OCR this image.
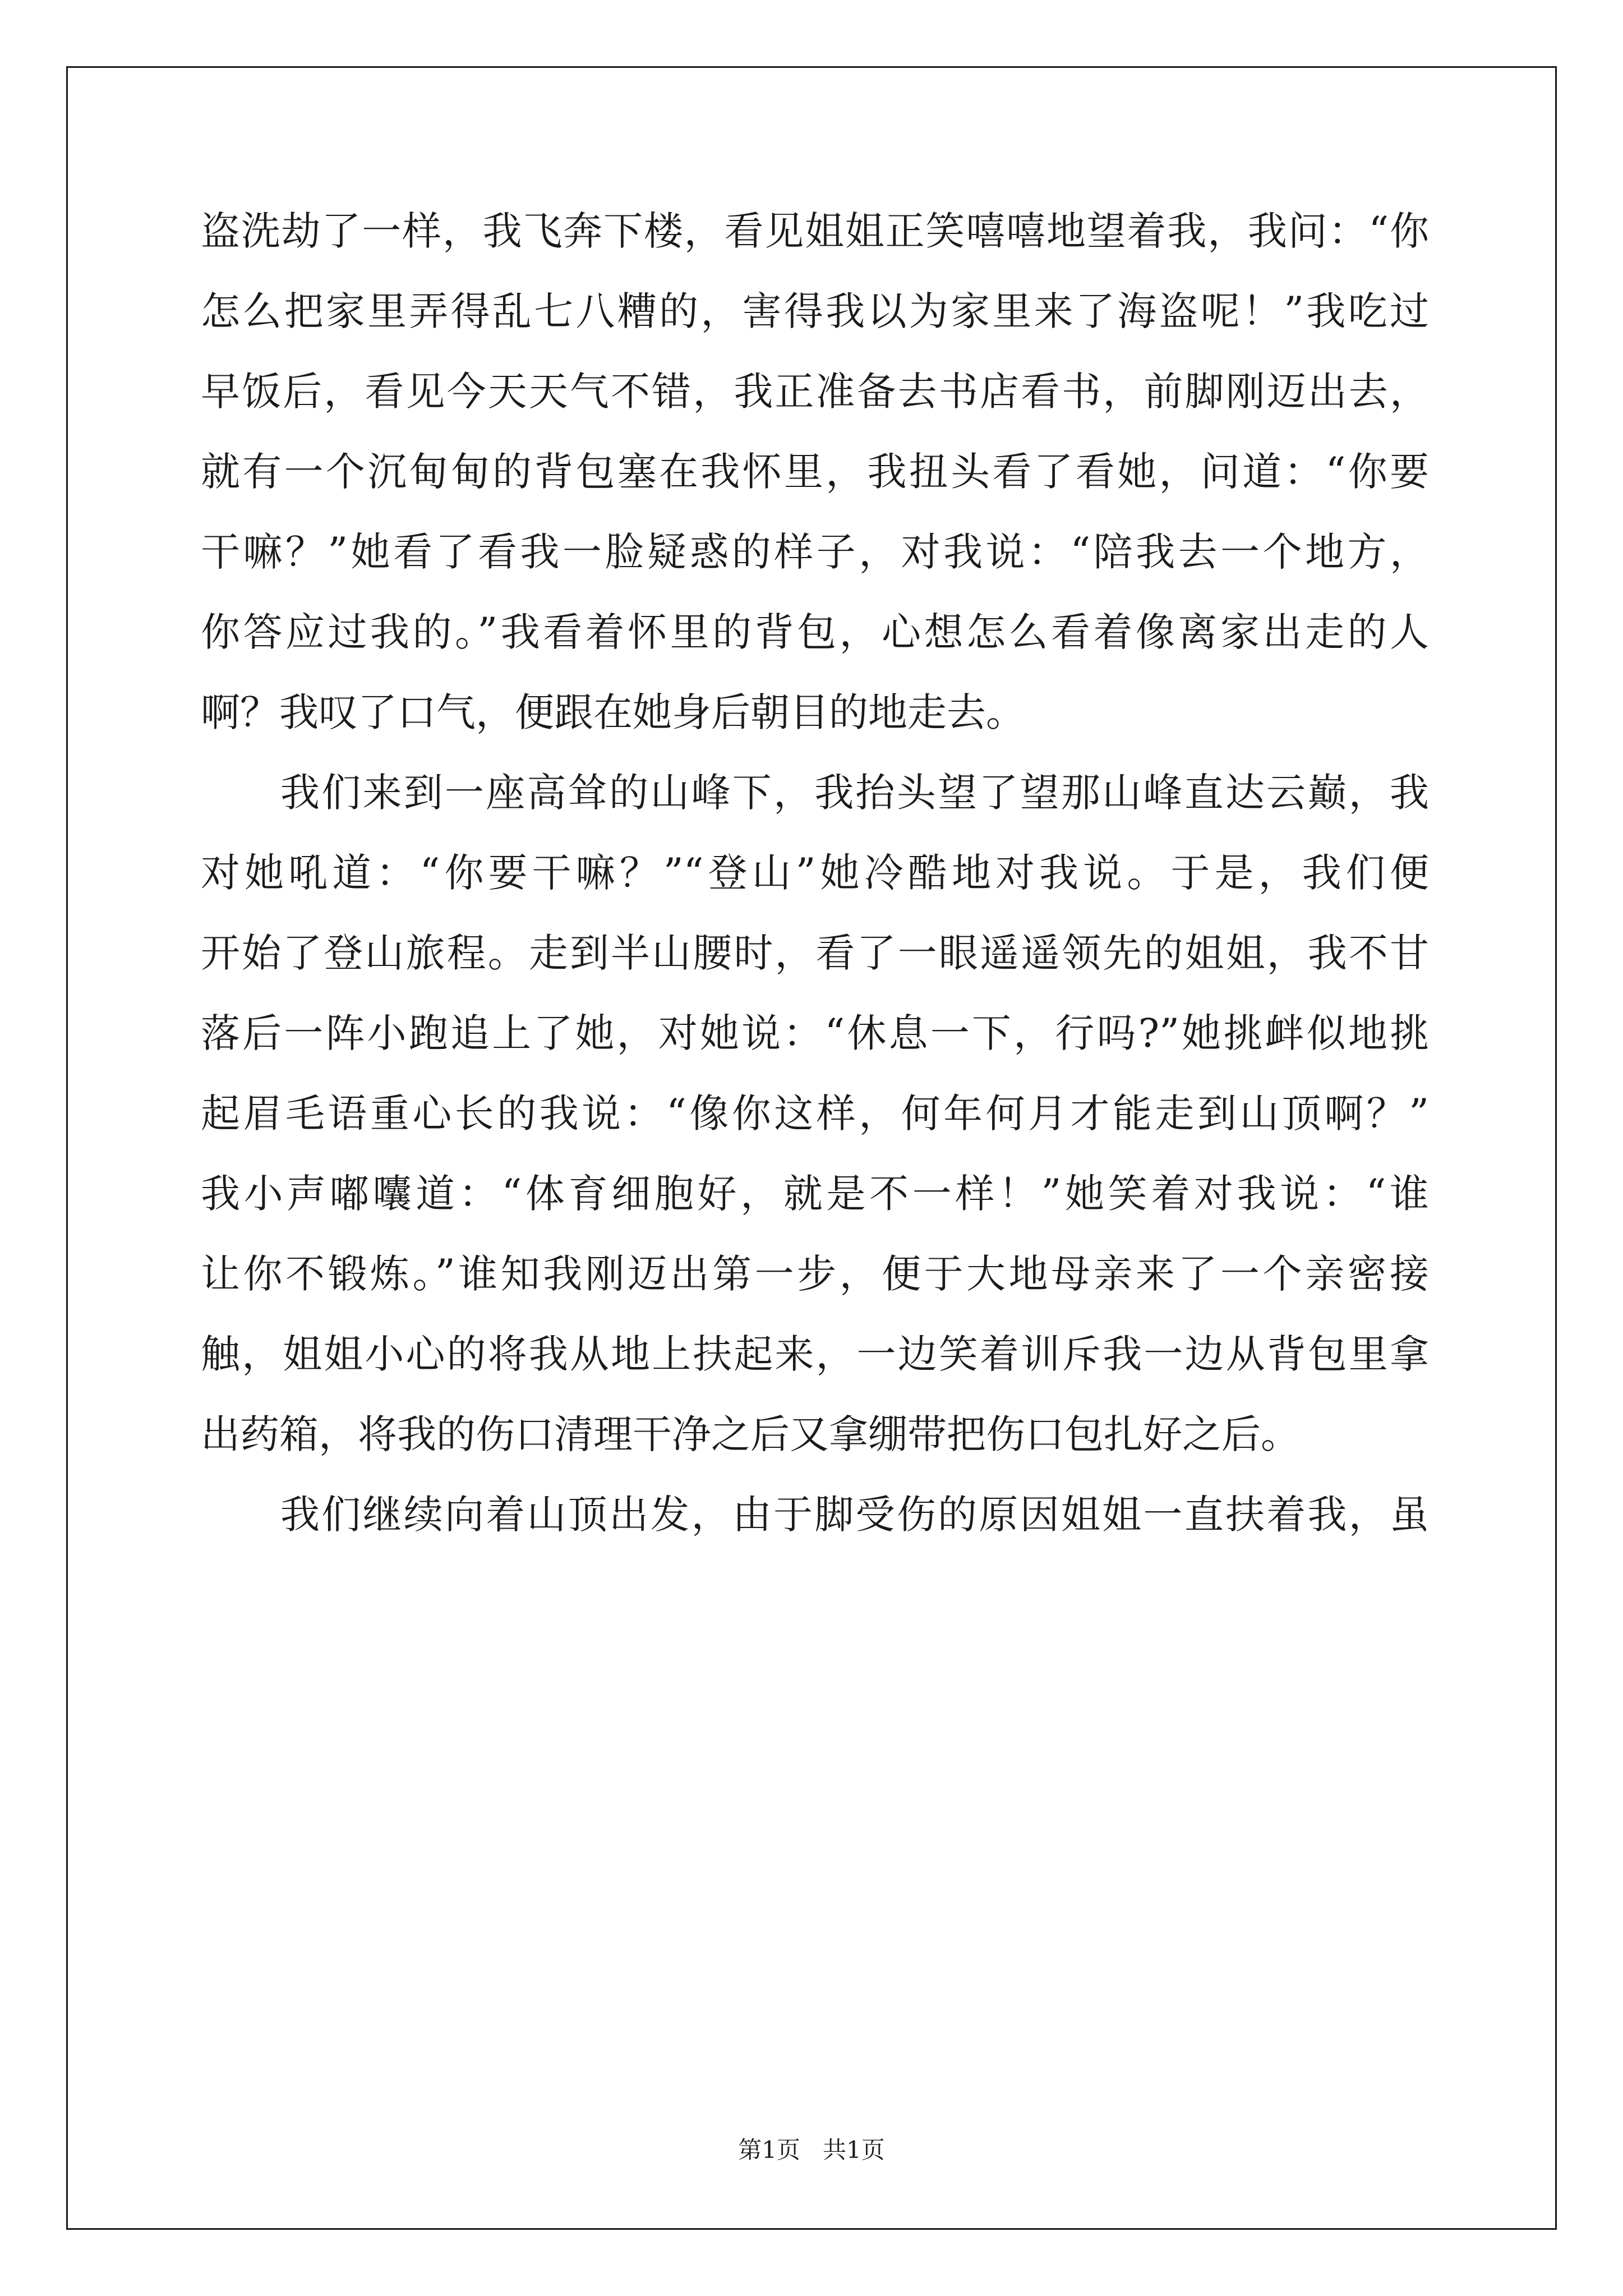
盗洗劫了一样，我飞奔下楼，看见姐姐正笑嘻嘻地望着我，我问：“你
怎么把家里弄得乱七八糟的，害得我以为家里来了海盗呢！”我吃过
早饭后，看见今天天气不错，我正准备去书店看书，前脚刚迈出去，
就有一个沉甸甸的背包塞在我怀里，我扭头看了看她，问道：“你要
干嘛？”她看了看我一脸疑惑的样子，对我说：“陪我去一个地方，
你答应过我的。”我看着怀里的背包，心想怎么看着像离家出走的人
啊？我叹了口气，便跟在她身后朝目的地走去。
我们来到一座高耸的山峰下，我抬头望了望那山峰直达云巅，我
对她吼道：“你要干嘛？”“登山”她冷酷地对我说。于是，我们便
开始了登山旅程。走到半山腰时，看了一眼遥遥领先的姐姐，我不甘
落后一阵小跑追上了她，对她说：“休息一下，行吗?”她挑衅似地挑
起眉毛语重心长的我说：“像你这样，何年何月才能走到山顶啊？”
我小声嘟囔道：“体育细胞好，就是不一样！”她笑着对我说：“谁
让你不锻炼。”谁知我刚迈出第一步，便于大地母亲来了一个亲密接
触，姐姐小心的将我从地上扶起来，一边笑着训斥我一边从背包里拿
出药箱，将我的伤口清理干净之后又拿绷带把伤口包扎好之后。
我们继续向着山顶出发，由于脚受伤的原因姐姐一直扶着我，虽
第1页 共1页
